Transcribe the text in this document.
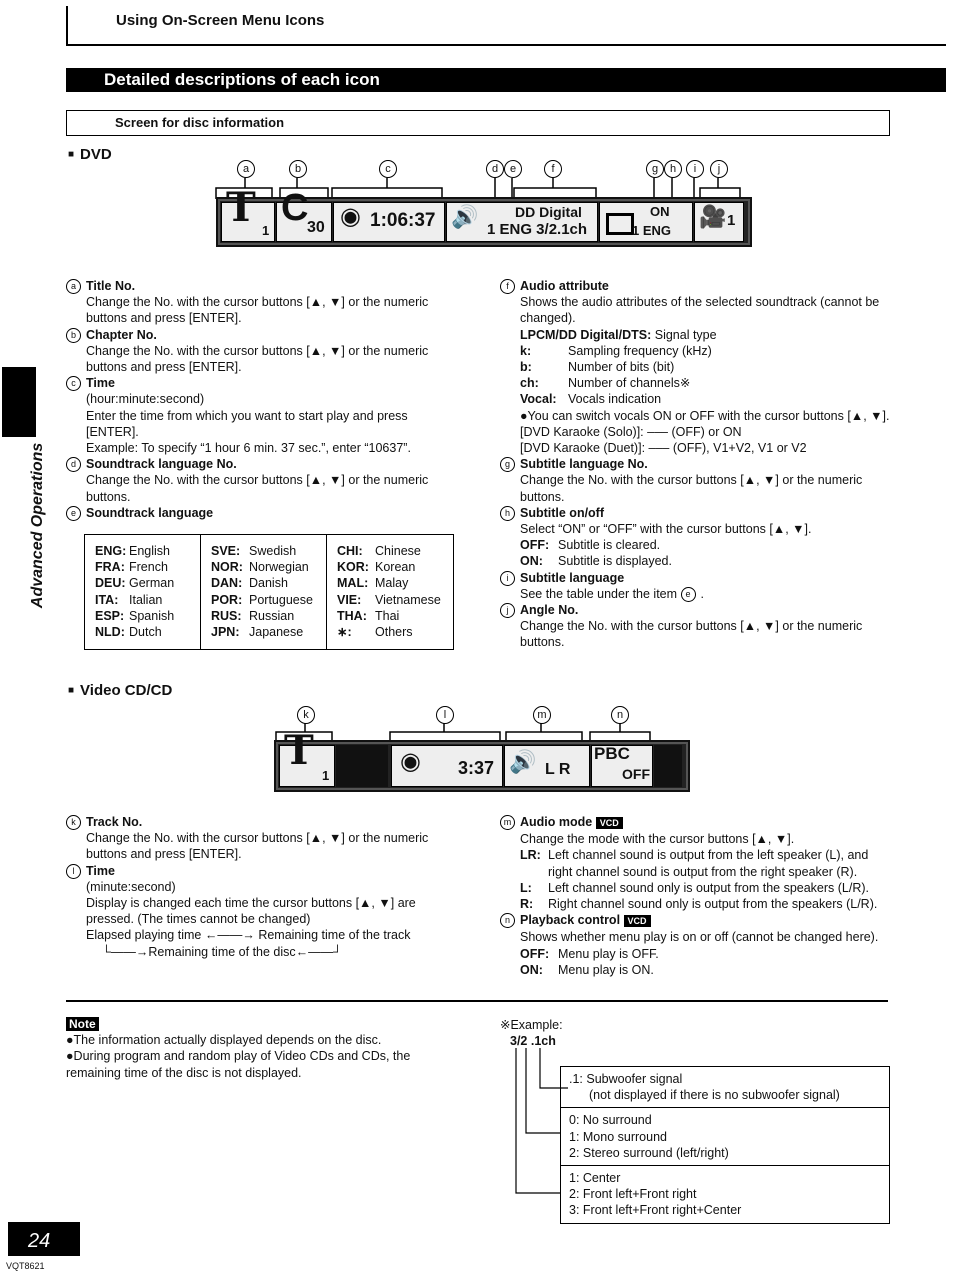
Using On-Screen Menu Icons
Detailed descriptions of each icon
Screen for disc information
Advanced Operations
■ DVD
a	b	c	d	e	f	g	h	i	j
T 1
C
30 ◉ 1:06:37 🔊	DD Digital
1 ENG 3/2.1ch
ON
1 ENG
🎥 1
a Title No.
Change the No. with the cursor buttons [▲, ▼] or the numeric buttons and press [ENTER].
b Chapter No.
Change the No. with the cursor buttons [▲, ▼] or the numeric buttons and press [ENTER].
c Time
(hour:minute:second)
Enter the time from which you want to start play and press [ENTER].
Example: To specify “1 hour 6 min. 37 sec.”, enter “10637”.
d Soundtrack language No.
Change the No. with the cursor buttons [▲, ▼] or the numeric buttons.
e Soundtrack language
ENG: English
FRA: French
DEU: German
ITA: Italian
ESP: Spanish
NLD: Dutch
SVE: Swedish
NOR: Norwegian
DAN: Danish
POR: Portuguese
RUS: Russian
JPN: Japanese
CHI: Chinese
KOR: Korean
MAL: Malay
VIE: Vietnamese
THA: Thai
∗: Others
f Audio attribute
Shows the audio attributes of the selected soundtrack (cannot be changed).
LPCM/DD Digital/DTS: Signal type
k:	Sampling frequency (kHz)
b:	Number of bits (bit)
ch: Number of channels※
Vocal: Vocals indication
●You can switch vocals ON or OFF with the cursor buttons [▲, ▼].
[DVD Karaoke (Solo)]: ––– (OFF) or ON
[DVD Karaoke (Duet)]: ––– (OFF), V1+V2, V1 or V2
g Subtitle language No.
Change the No. with the cursor buttons [▲, ▼] or the numeric buttons.
h Subtitle on/off
Select “ON” or “OFF” with the cursor buttons [▲, ▼].
OFF: Subtitle is cleared.
ON: Subtitle is displayed.
i Subtitle language
See the table under the item e .
j Angle No.
Change the No. with the cursor buttons [▲, ▼] or the numeric buttons.
■ Video CD/CD
k	l	m	n
T
1
◉ 3:37 🔊 L R
PBC
OFF
k Track No.
Change the No. with the cursor buttons [▲, ▼] or the numeric buttons and press [ENTER].
l Time
(minute:second)
Display is changed each time the cursor buttons [▲, ▼] are pressed. (The times cannot be changed)
Elapsed playing time ←——→ Remaining time of the track
└——→Remaining time of the disc←——┘
m Audio mode VCD
Change the mode with the cursor buttons [▲, ▼].
LR: Left channel sound is output from the left speaker (L), and right channel sound is output from the right speaker (R).
L:	Left channel sound only is output from the speakers (L/R).
R:	Right channel sound only is output from the speakers (L/R).
n Playback control VCD
Shows whether menu play is on or off (cannot be changed here).
OFF: Menu play is OFF.
ON: Menu play is ON.
Note
●The information actually displayed depends on the disc.
●During program and random play of Video CDs and CDs, the remaining time of the disc is not displayed.
※Example:
3/2 .1ch
.1: Subwoofer signal
(not displayed if there is no subwoofer signal)
0: No surround
1: Mono surround
2: Stereo surround (left/right)
1: Center
2: Front left+Front right
3: Front left+Front right+Center
24
VQT8621
